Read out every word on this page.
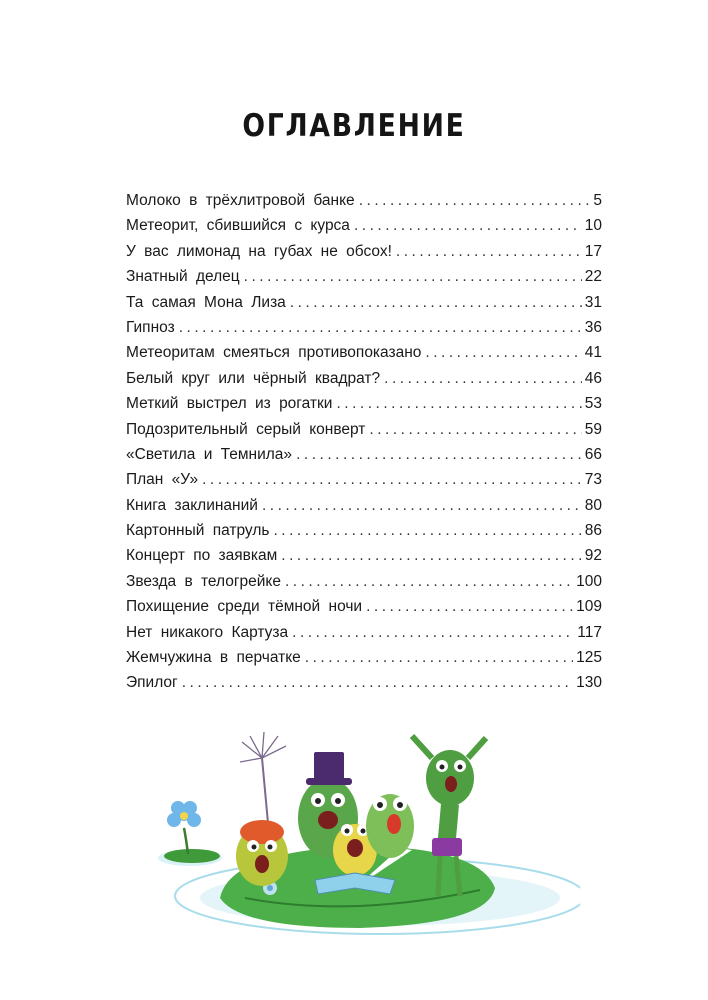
ОГЛАВЛЕНИЕ
Молоко в трёхлитровой банке . . .	5
Метеорит, сбившийся с курса . . .	10
У вас лимонад на губах не обсох! . . .	17
Знатный делец . . .	22
Та самая Мона Лиза . . .	31
Гипноз . . .	36
Метеоритам смеяться противопоказано . . .	41
Белый круг или чёрный квадрат? . . .	46
Меткий выстрел из рогатки . . .	53
Подозрительный серый конверт . . .	59
«Светила и Темнила» . . .	66
План «У» . . .	73
Книга заклинаний . . .	80
Картонный патруль . . .	86
Концерт по заявкам . . .	92
Звезда в телогрейке . . .	100
Похищение среди тёмной ночи . . .	109
Нет никакого Картуза . . .	117
Жемчужина в перчатке . . .	125
Эпилог . . .	130
